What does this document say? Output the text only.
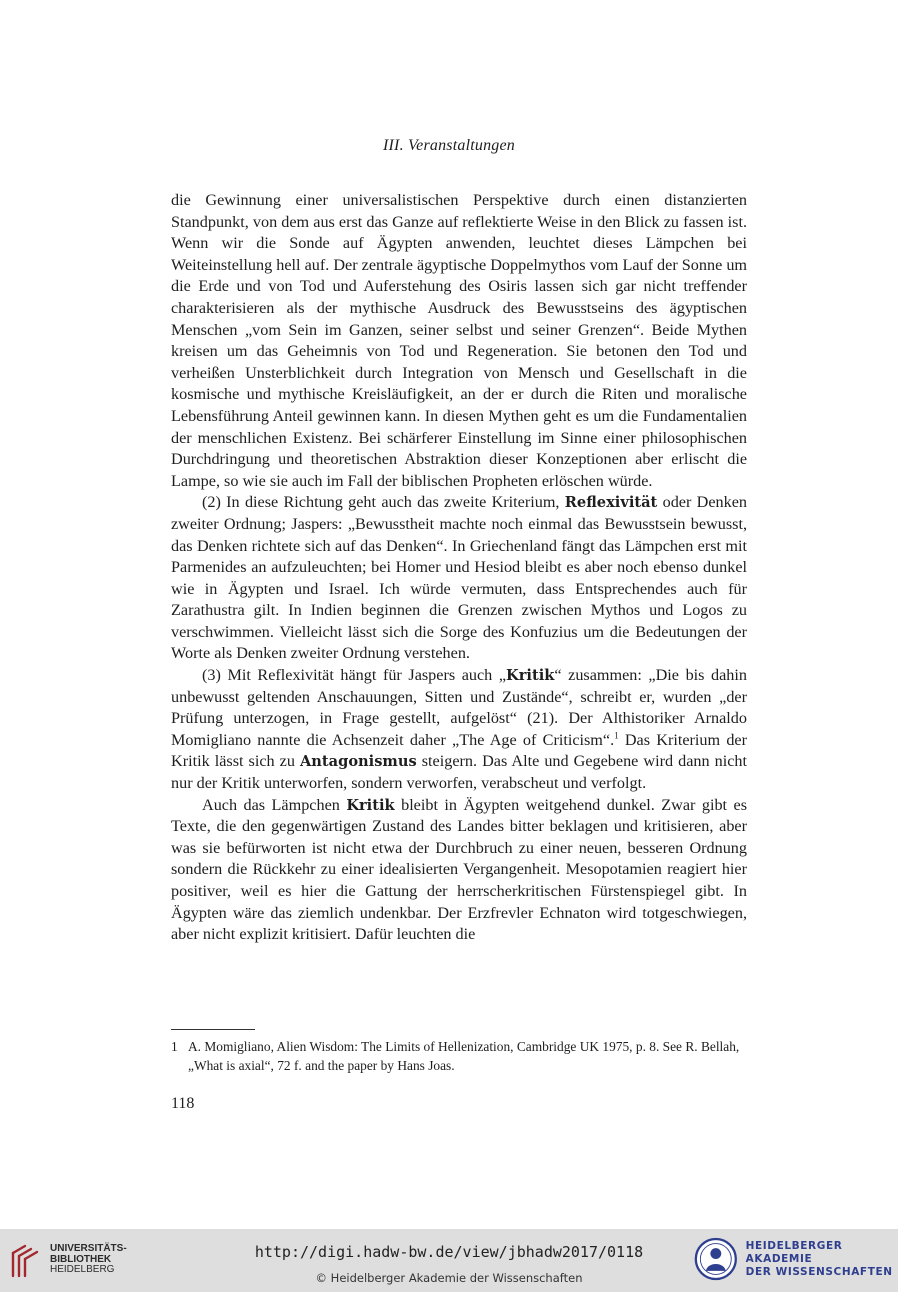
III. Veranstaltungen

die Gewinnung einer universalistischen Perspektive durch einen distanzierten Standpunkt, von dem aus erst das Ganze auf reflektierte Weise in den Blick zu fassen ist. Wenn wir die Sonde auf Ägypten anwenden, leuchtet dieses Lämpchen bei Weiteinstellung hell auf. Der zentrale ägyptische Doppelmythos vom Lauf der Sonne um die Erde und von Tod und Auferstehung des Osiris lassen sich gar nicht treffender charakterisieren als der mythische Ausdruck des Bewusstseins des ägyptischen Menschen „vom Sein im Ganzen, seiner selbst und seiner Grenzen“. Beide Mythen kreisen um das Geheimnis von Tod und Regeneration. Sie betonen den Tod und verheißen Unsterblichkeit durch Integration von Mensch und Gesellschaft in die kosmische und mythische Kreisläufigkeit, an der er durch die Riten und moralische Lebensführung Anteil gewinnen kann. In diesen Mythen geht es um die Fundamentalien der menschlichen Existenz. Bei schärferer Einstellung im Sinne einer philosophischen Durchdringung und theoretischen Abstraktion dieser Konzeptionen aber erlischt die Lampe, so wie sie auch im Fall der biblischen Propheten erlöschen würde.

(2) In diese Richtung geht auch das zweite Kriterium, Reflexivität oder Denken zweiter Ordnung; Jaspers: „Bewusstheit machte noch einmal das Bewusstsein bewusst, das Denken richtete sich auf das Denken“. In Griechenland fängt das Lämpchen erst mit Parmenides an aufzuleuchten; bei Homer und Hesiod bleibt es aber noch ebenso dunkel wie in Ägypten und Israel. Ich würde vermuten, dass Entsprechendes auch für Zarathustra gilt. In Indien beginnen die Grenzen zwischen Mythos und Logos zu verschwimmen. Vielleicht lässt sich die Sorge des Konfuzius um die Bedeutungen der Worte als Denken zweiter Ordnung verstehen.

(3) Mit Reflexivität hängt für Jaspers auch „Kritik“ zusammen: „Die bis dahin unbewusst geltenden Anschauungen, Sitten und Zustände“, schreibt er, wurden „der Prüfung unterzogen, in Frage gestellt, aufgelöst“ (21). Der Althistoriker Arnaldo Momigliano nannte die Achsenzeit daher „The Age of Criticism“.$^1$ Das Kriterium der Kritik lässt sich zu Antagonismus steigern. Das Alte und Gegebene wird dann nicht nur der Kritik unterworfen, sondern verworfen, verabscheut und verfolgt.

Auch das Lämpchen Kritik bleibt in Ägypten weitgehend dunkel. Zwar gibt es Texte, die den gegenwärtigen Zustand des Landes bitter beklagen und kritisieren, aber was sie befürworten ist nicht etwa der Durchbruch zu einer neuen, besseren Ordnung sondern die Rückkehr zu einer idealisierten Vergangenheit. Mesopotamien reagiert hier positiver, weil es hier die Gattung der herrscherkritischen Fürstenspiegel gibt. In Ägypten wäre das ziemlich undenkbar. Der Erzfrevler Echnaton wird totgeschwiegen, aber nicht explizit kritisiert. Dafür leuchten die

1 A. Momigliano, Alien Wisdom: The Limits of Hellenization, Cambridge UK 1975, p. 8. See R. Bellah, „What is axial“, 72 f. and the paper by Hans Joas.
118
UNIVERSITÄTS-
BIBLIOTHEK
HEIDELBERG
http://digi.hadw-bw.de/view/jbhadw2017/0118
© Heidelberger Akademie der Wissenschaften
HEIDELBERGER AKADEMIE
DER WISSENSCHAFTEN
